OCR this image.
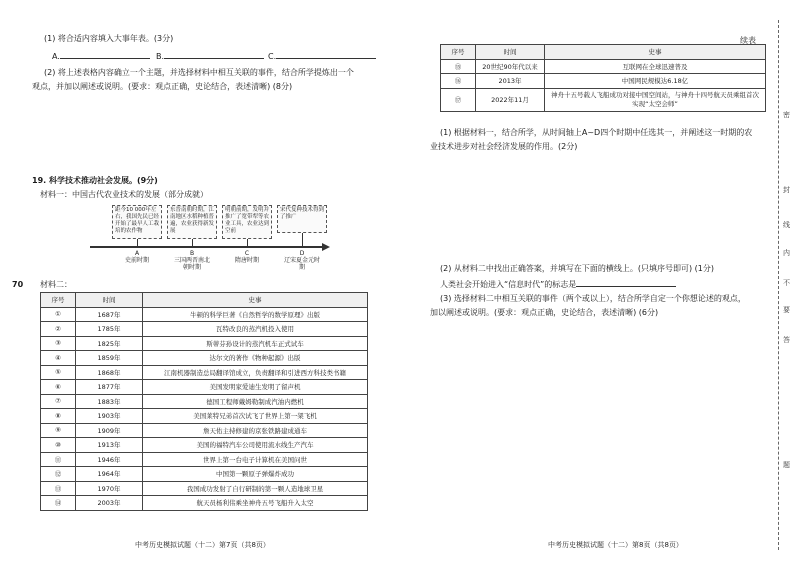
(1) 将合适内容填入大事年表。(3分)
A.	B.	C.
(2) 将上述表格内容确立一个主题，并选择材料中相互关联的事件，结合所学提炼出一个
观点，并加以阐述或说明。(要求：观点正确，史论结合，表述清晰) (8分)
19. 科学技术推动社会发展。(9分)
材料一：中国古代农业技术的发展（部分成就）
距今10 000年左右，我国先民已经开始了最早人工栽培的农作物
东晋南朝时期，江南地区水稻种植普遍，农业获得新发展
明朝前期，发明并推广了宽带犁等农业工具，农业达到空前
宋代复种技术得到了推广
A
史前时期
B
三国两晋南北朝时期
C
隋唐时期
D
辽宋夏金元时期
70 材料二：
序号	时间	史事
①	1687年	牛顿的科学巨著《自然哲学的数学原理》出版
②	1785年	瓦特改良的蒸汽机投入使用
③	1825年	斯蒂芬孙设计的蒸汽机车正式试车
④	1859年	达尔文的著作《物种起源》出版
⑤	1868年	江南机器制造总局翻译馆成立，负责翻译和引进西方科技类书籍
⑥	1877年	美国发明家爱迪生发明了留声机
⑦	1883年	德国工程师戴姆勒制成汽油内燃机
⑧	1903年	美国莱特兄弟首次试飞了世界上第一架飞机
⑨	1909年	詹天佑主持修建的京张铁路建成通车
⑩	1913年	美国的福特汽车公司使用流水线生产汽车
⑪	1946年	世界上第一台电子计算机在美国问世
⑫	1964年	中国第一颗原子弹爆炸成功
⑬	1970年	我国成功发射了自行研制的第一颗人造地球卫星
⑭	2003年	航天员杨利伟乘坐神舟五号飞船升入太空
中考历史模拟试题（十二）第7页（共8页）
续表
序号	时间	史事
⑮	20世纪90年代以来	互联网在全球迅速普及
⑯	2013年	中国网民规模达6.18亿
⑰	2022年11月	神舟十五号载人飞船成功对接中国空间站，与神舟十四号航天员乘组首次实现“太空会师”
(1) 根据材料一，结合所学，从时间轴上A~D四个时期中任选其一，并阐述这一时期的农
业技术进步对社会经济发展的作用。(2分)
(2) 从材料二中找出正确答案，并填写在下面的横线上。(只填序号即可) (1分)
人类社会开始进入“信息时代”的标志是
(3) 选择材料二中相互关联的事件（两个或以上），结合所学自定一个你想论述的观点，
加以阐述或说明。(要求：观点正确，史论结合，表述清晰) (6分)
中考历史模拟试题（十二）第8页（共8页）
密
封
线
内
不
要
答
题
